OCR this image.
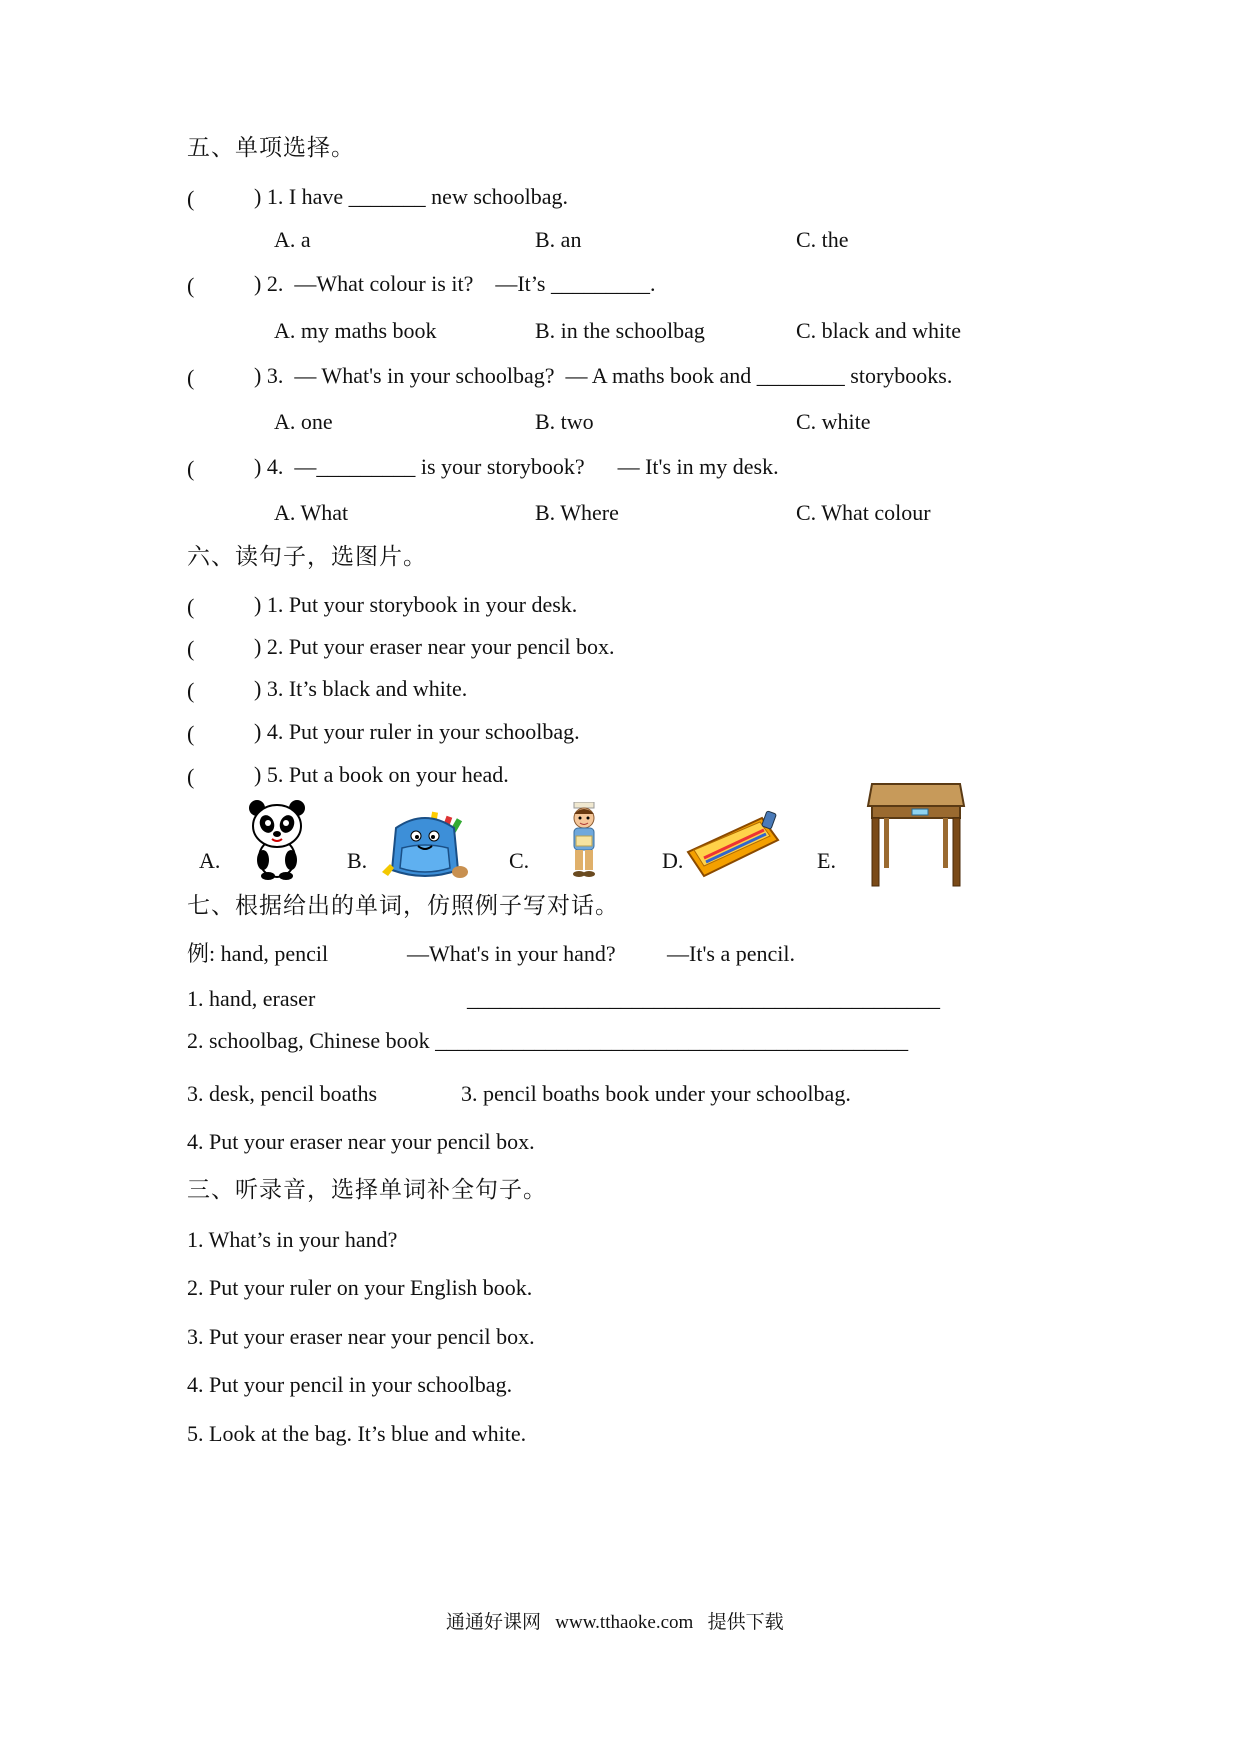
五、单项选择。
(	) 1. I have _______ new schoolbag.
A. a	B. an	C. the
(	) 2.  —What colour is it?    —It’s _________.
A. my maths book	B. in the schoolbag	C. black and white
(	) 3.  — What's in your schoolbag?  — A maths book and ________ storybooks.
A. one	B. two	C. white
(	) 4.  —_________ is your storybook?      — It's in my desk.
A. What	B. Where	C. What colour
六、读句子，选图片。
(	) 1. Put your storybook in your desk.
(	) 2. Put your eraser near your pencil box.
(	) 3. It’s black and white.
(	) 4. Put your ruler in your schoolbag.
(	) 5. Put a book on your head.
A.	B.	C.	D.	E.
七、根据给出的单词，仿照例子写对话。
例: hand, pencil	—What's in your hand? —It's a pencil.
1. hand, eraser	___________________________________________
2. schoolbag, Chinese book ___________________________________________
3. desk, pencil boaths	3. pencil boaths book under your schoolbag.
4. Put your eraser near your pencil box.
三、听录音，选择单词补全句子。
1. What’s in your hand?
2. Put your ruler on your English book.
3. Put your eraser near your pencil box.
4. Put your pencil in your schoolbag.
5. Look at the bag. It’s blue and white.
通通好课网   www.tthaoke.com   提供下载
